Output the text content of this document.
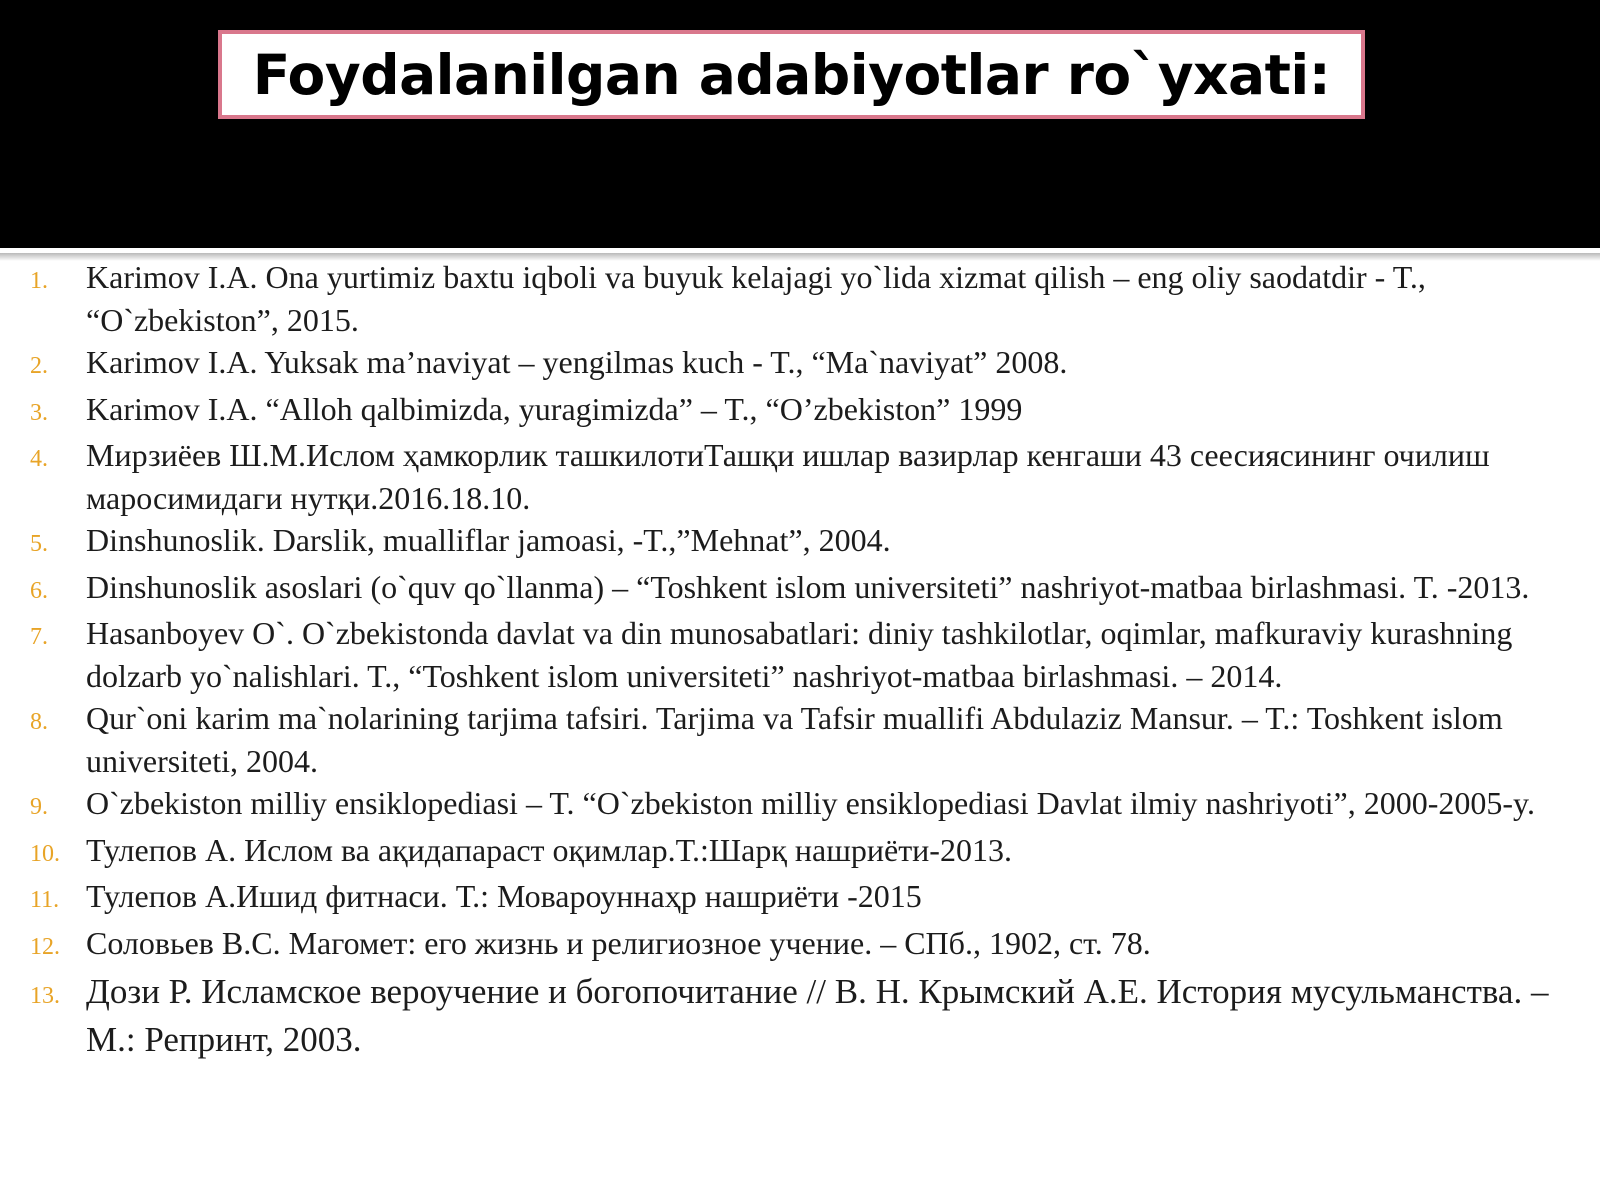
Foydalanilgan adabiyotlar ro`yxati:
1.	Karimov I.A. Ona yurtimiz baxtu iqboli va buyuk kelajagi yo`lida xizmat qilish – eng oliy saodatdir - T., “O`zbekiston”, 2015.
2.	Karimov I.A. Yuksak ma’naviyat – yengilmas kuch - T., “Ma`naviyat” 2008.
3.	Karimov I.A. “Alloh qalbimizda, yuragimizda” – T., “O’zbekiston” 1999
4.	Мирзиёев Ш.М.Ислом ҳамкорлик ташкилотиТашқи ишлар вазирлар кенгаши 43 сеесиясининг очилиш маросимидаги нутқи.2016.18.10.
5.	Dinshunoslik. Darslik, mualliflar jamoasi, -T.,”Mehnat”, 2004.
6.	Dinshunoslik asoslari (o`quv qo`llanma) – “Toshkent islom universiteti” nashriyot-matbaa birlashmasi. T. -2013.
7.	Hasanboyev O`. O`zbekistonda davlat va din munosabatlari: diniy tashkilotlar, oqimlar, mafkuraviy kurashning dolzarb yo`nalishlari. T., “Toshkent islom universiteti” nashriyot-matbaa birlashmasi. – 2014.
8.	Qur`oni karim ma`nolarining tarjima tafsiri. Tarjima va Tafsir muallifi Abdulaziz Mansur. – T.: Toshkent islom universiteti, 2004.
9.	O`zbekiston milliy ensiklopediasi – T. “O`zbekiston milliy ensiklopediasi Davlat ilmiy nashriyoti”, 2000-2005-y.
10. Тулепов А. Ислом ва ақидапараст оқимлар.Т.:Шарқ нашриёти-2013.
11. Тулепов А.Ишид фитнаси. Т.: Мовароуннаҳр нашриёти -2015
12. Соловьев В.С. Магомет: его жизнь и религиозное учение. – СПб., 1902, ст. 78.
13. Дози Р. Исламское вероучение и богопочитание // В. Н. Крымский А.Е. История мусульманства. – М.: Репринт, 2003.
